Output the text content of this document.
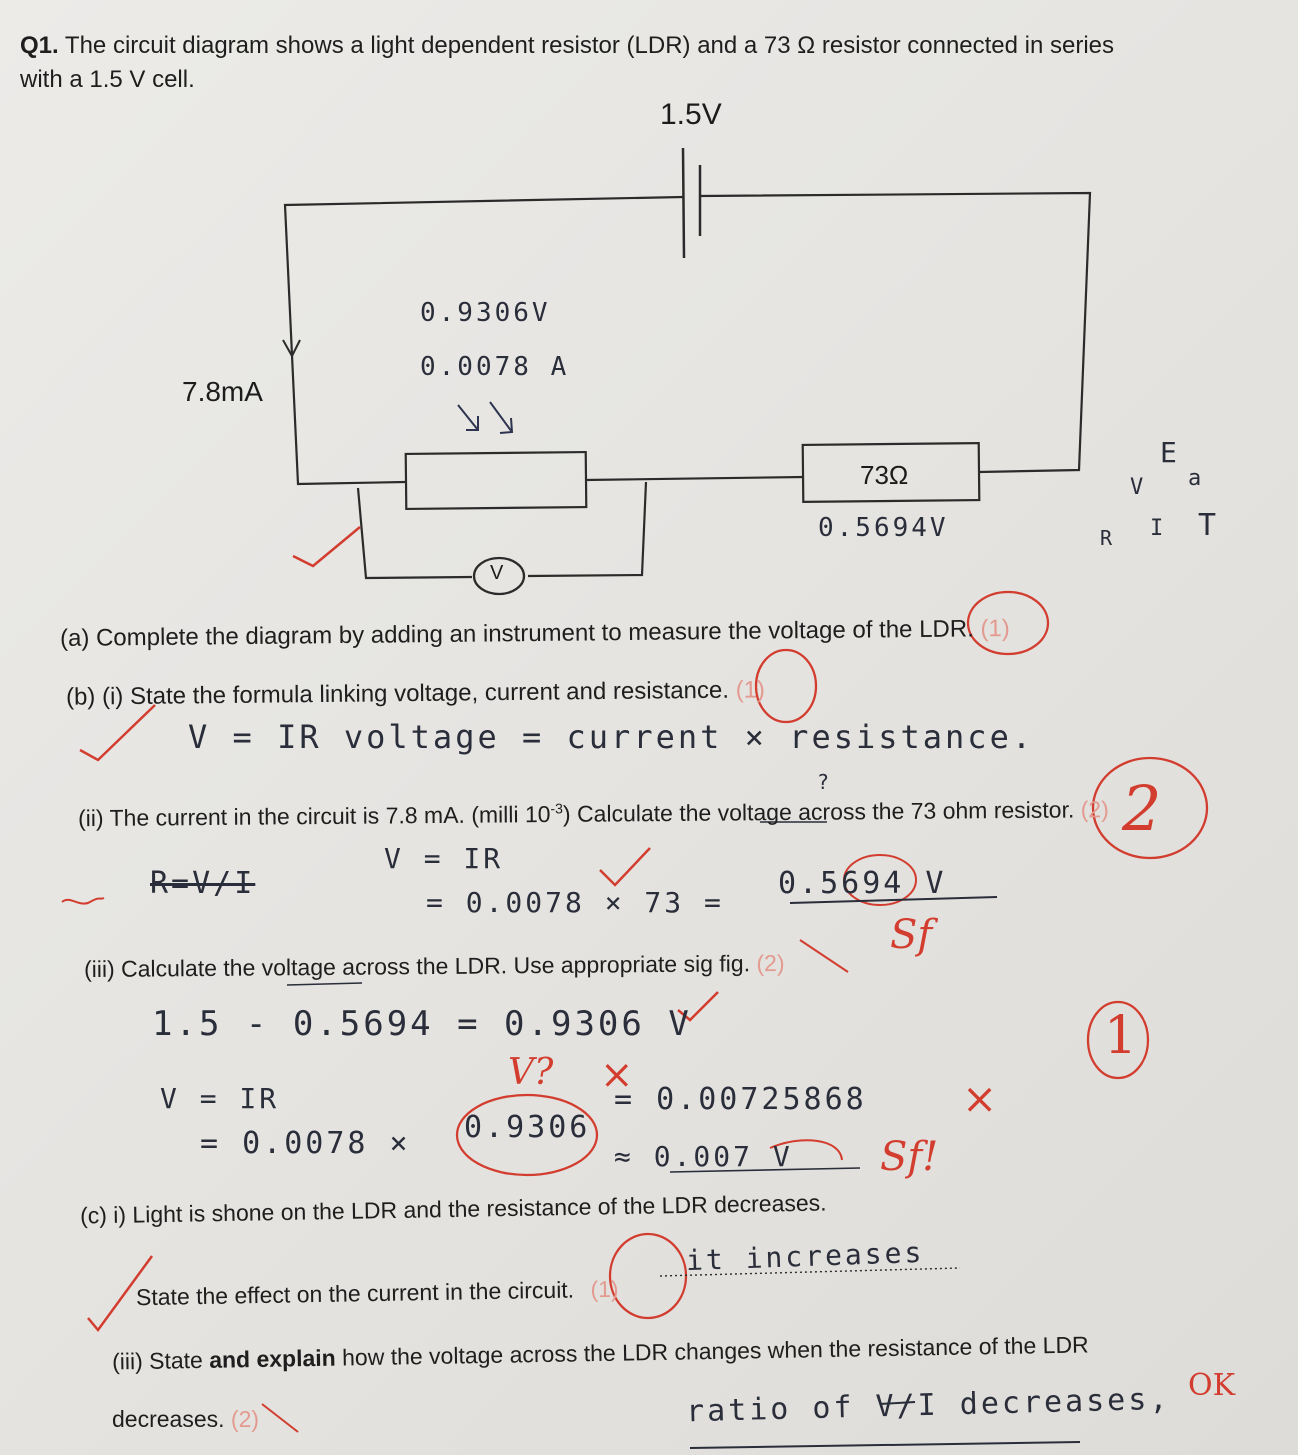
Q1. The circuit diagram shows a light dependent resistor (LDR) and a 73 Ω resistor connected in series
with a 1.5 V cell.
1.5V
7.8mA
73Ω
V
0.9306V
0.0078 A
0.5694V
E
V a
R I T
(a) Complete the diagram by adding an instrument to measure the voltage of the LDR. (1)
(b) (i) State the formula linking voltage, current and resistance. (1)
V = IR voltage = current × resistance.
(ii) The current in the circuit is 7.8 mA. (milli $10^{-3}$) Calculate the voltage across the 73 ohm resistor. (2)
?
R=V/I
V = IR
= 0.0078 × 73 =
0.5694 V
2
Sf
(iii) Calculate the voltage across the LDR. Use appropriate sig fig. (2)
1.5 - 0.5694 = 0.9306 V
V = IR
= 0.0078 × 0.9306
= 0.00725868
≈ 0.007 V
V? ×	×
1
Sf!
(c) i) Light is shone on the LDR and the resistance of the LDR decreases.
State the effect on the current in the circuit. (1)
it increases
(iii) State and explain how the voltage across the LDR changes when the resistance of the LDR
decreases. (2)	ratio of V/I decreases, OK
